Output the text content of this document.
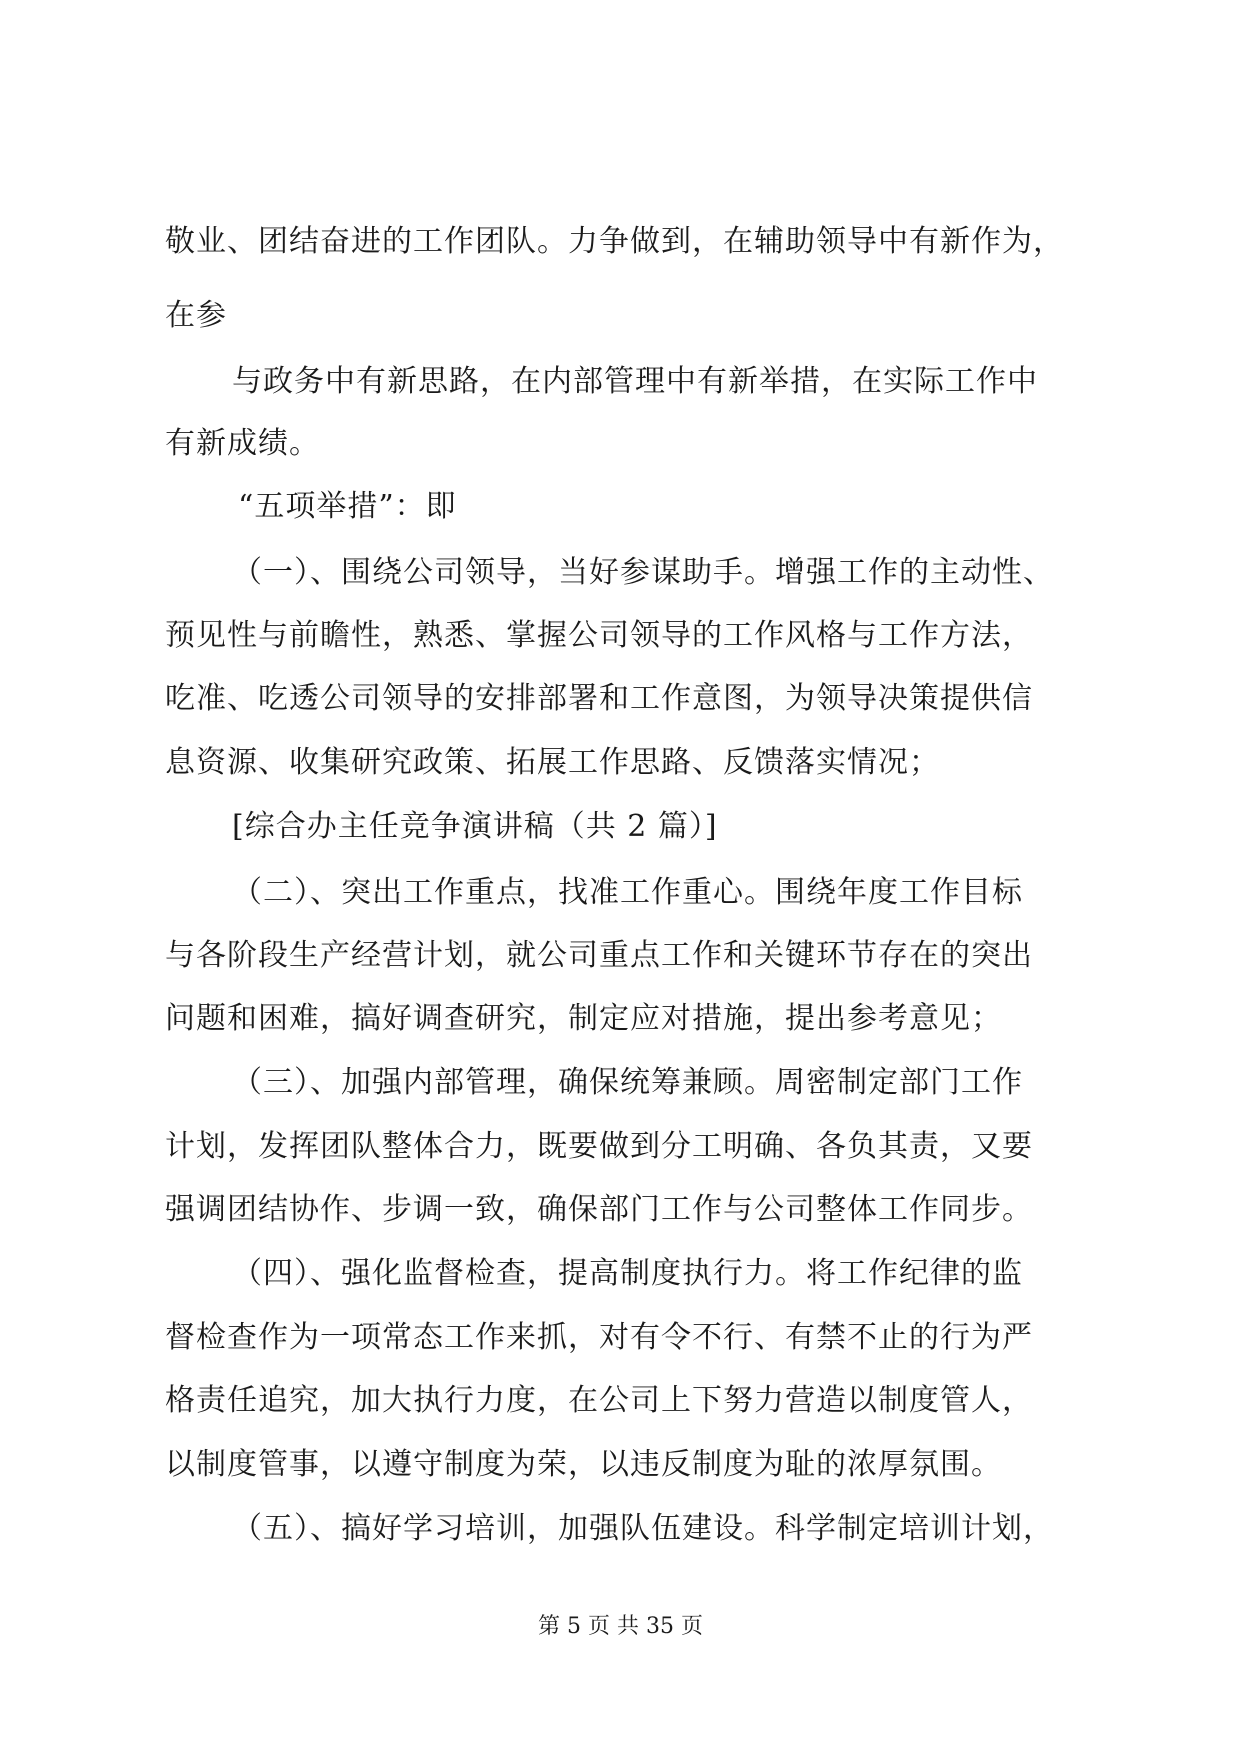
敬业、团结奋进的工作团队。力争做到，在辅助领导中有新作为，
在参
与政务中有新思路，在内部管理中有新举措，在实际工作中
有新成绩。
“五项举措”：即
（一）、围绕公司领导，当好参谋助手。增强工作的主动性、
预见性与前瞻性，熟悉、掌握公司领导的工作风格与工作方法，
吃准、吃透公司领导的安排部署和工作意图，为领导决策提供信
息资源、收集研究政策、拓展工作思路、反馈落实情况；
[综合办主任竞争演讲稿（共 2 篇）]
（二）、突出工作重点，找准工作重心。围绕年度工作目标
与各阶段生产经营计划，就公司重点工作和关键环节存在的突出
问题和困难，搞好调查研究，制定应对措施，提出参考意见；
（三）、加强内部管理，确保统筹兼顾。周密制定部门工作
计划，发挥团队整体合力，既要做到分工明确、各负其责，又要
强调团结协作、步调一致，确保部门工作与公司整体工作同步。
（四）、强化监督检查，提高制度执行力。将工作纪律的监
督检查作为一项常态工作来抓，对有令不行、有禁不止的行为严
格责任追究，加大执行力度，在公司上下努力营造以制度管人，
以制度管事，以遵守制度为荣，以违反制度为耻的浓厚氛围。
（五）、搞好学习培训，加强队伍建设。科学制定培训计划，
第 5 页 共 35 页
